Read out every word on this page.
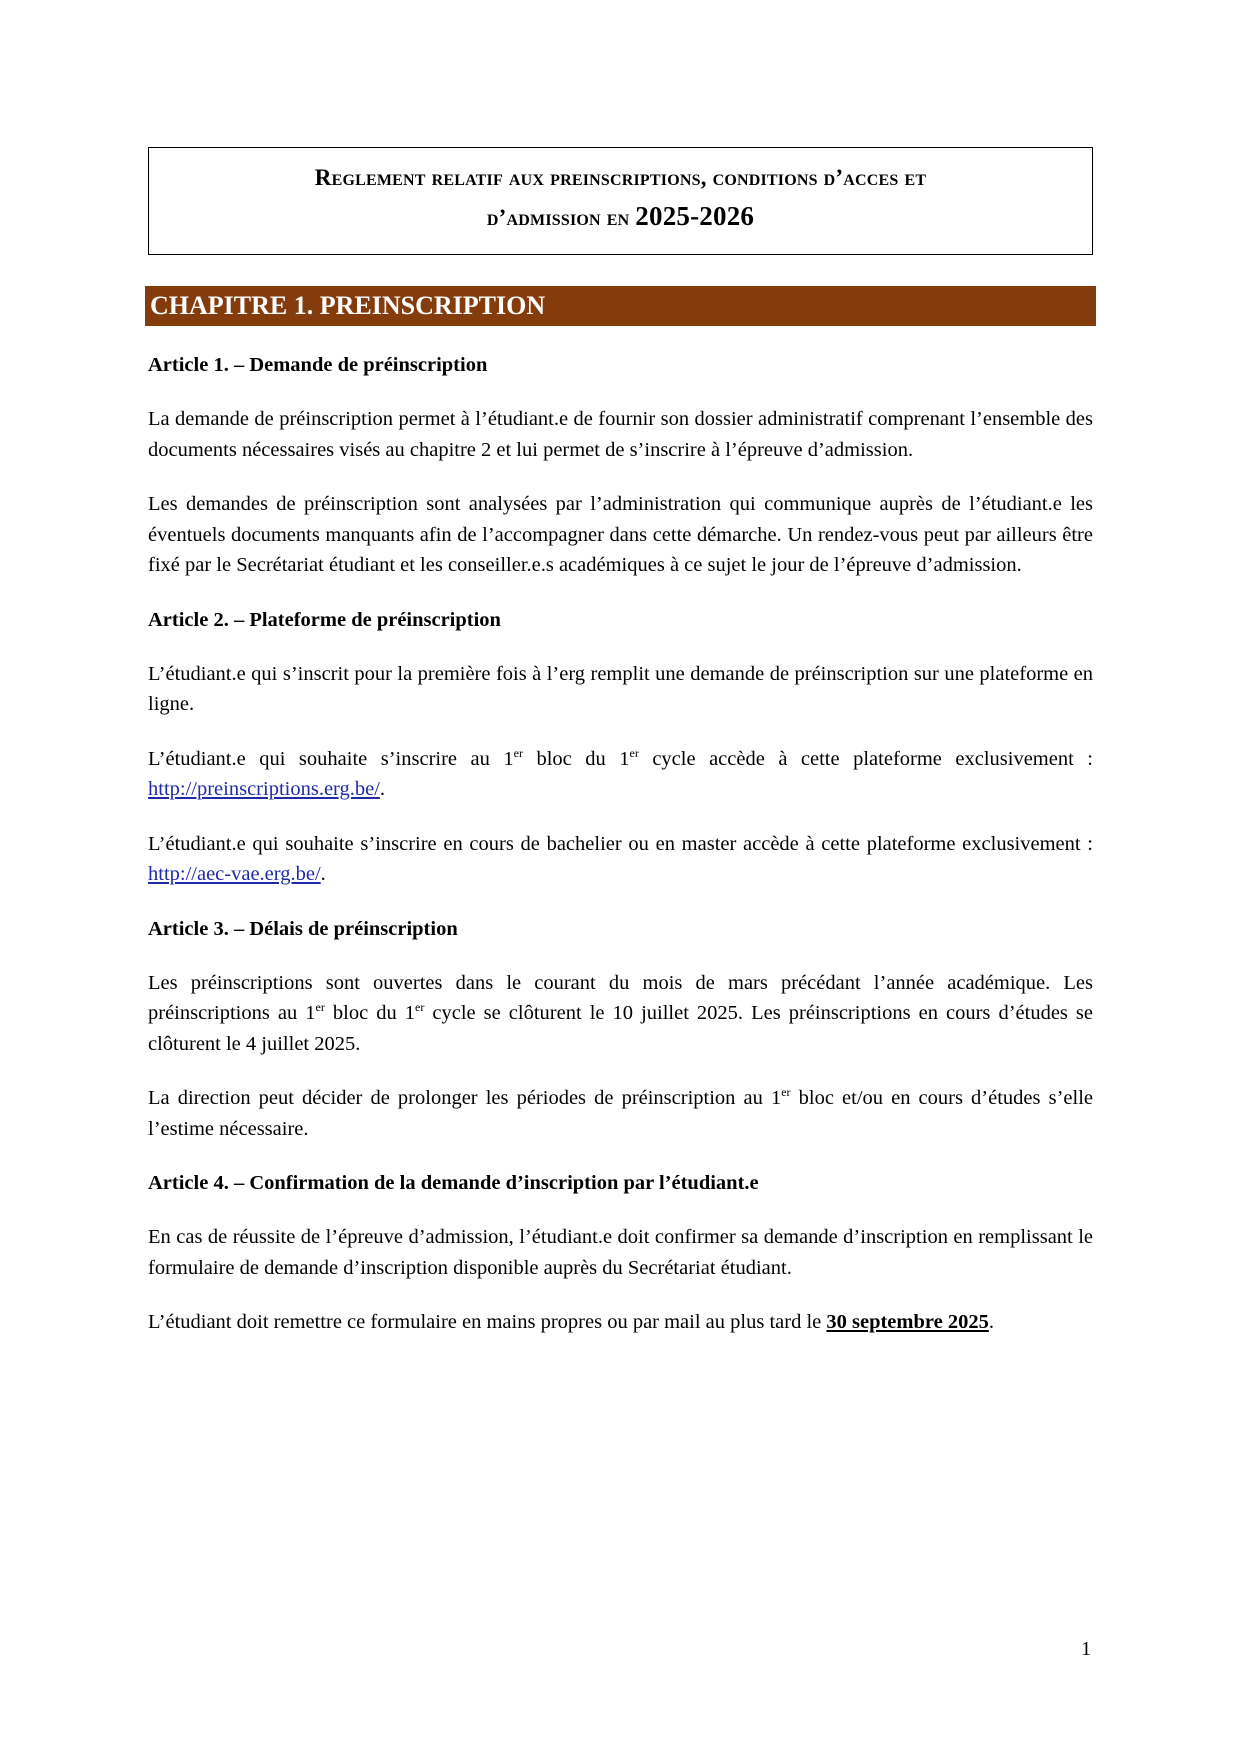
Reglement relatif aux preinscriptions, conditions d’acces et
d’admission en 2025-2026
CHAPITRE 1. PREINSCRIPTION
Article 1. – Demande de préinscription

La demande de préinscription permet à l’étudiant.e de fournir son dossier administratif comprenant l’ensemble des documents nécessaires visés au chapitre 2 et lui permet de s’inscrire à l’épreuve d’admission.

Les demandes de préinscription sont analysées par l’administration qui communique auprès de l’étudiant.e les éventuels documents manquants afin de l’accompagner dans cette démarche. Un rendez-vous peut par ailleurs être fixé par le Secrétariat étudiant et les conseiller.e.s académiques à ce sujet le jour de l’épreuve d’admission.

Article 2. – Plateforme de préinscription

L’étudiant.e qui s’inscrit pour la première fois à l’erg remplit une demande de préinscription sur une plateforme en ligne.

L’étudiant.e qui souhaite s’inscrire au 1er bloc du 1er cycle accède à cette plateforme exclusivement : http://preinscriptions.erg.be/.

L’étudiant.e qui souhaite s’inscrire en cours de bachelier ou en master accède à cette plateforme exclusivement : http://aec-vae.erg.be/.

Article 3. – Délais de préinscription

Les préinscriptions sont ouvertes dans le courant du mois de mars précédant l’année académique. Les préinscriptions au 1er bloc du 1er cycle se clôturent le 10 juillet 2025. Les préinscriptions en cours d’études se clôturent le 4 juillet 2025.

La direction peut décider de prolonger les périodes de préinscription au 1er bloc et/ou en cours d’études s’elle l’estime nécessaire.

Article 4. – Confirmation de la demande d’inscription par l’étudiant.e

En cas de réussite de l’épreuve d’admission, l’étudiant.e doit confirmer sa demande d’inscription en remplissant le formulaire de demande d’inscription disponible auprès du Secrétariat étudiant.

L’étudiant doit remettre ce formulaire en mains propres ou par mail au plus tard le 30 septembre 2025.

1
